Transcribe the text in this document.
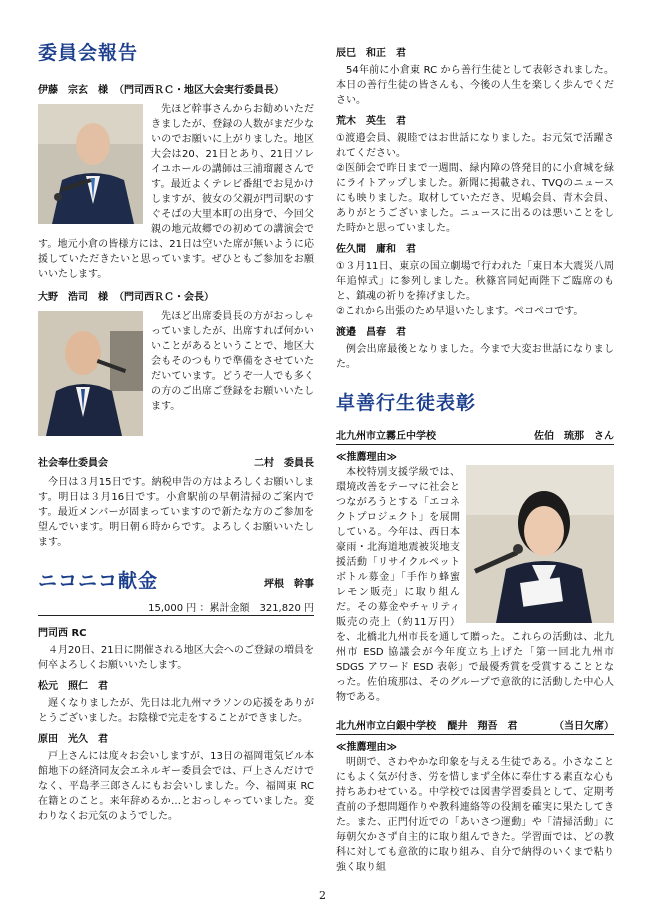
委員会報告
伊藤　宗玄　様 （門司西ＲＣ・地区大会実行委員長）

先ほど幹事さんからお勧めいただきましたが、登録の人数がまだ少ないのでお願いに上がりました。地区大会は20、21日とあり、21日ソレイユホールの講師は三浦瑠麗さんです。最近よくテレビ番組でお見かけしますが、彼女の父親が門司駅のすぐそばの大里本町の出身で、今回父親の地元故郷での初めての講演会です。地元小倉の皆様方には、21日は空いた席が無いように応援していただきたいと思っています。ぜひともご参加をお願いいたします。

大野　浩司　様 （門司西ＲＣ・会長）

先ほど出席委員長の方がおっしゃっていましたが、出席すれば何かいいことがあるということで、地区大会もそのつもりで準備をさせていただいています。どうぞ一人でも多くの方のご出席ご登録をお願いいたします。

社会奉仕委員会	二村　委員長

今日は３月15日です。納税申告の方はよろしくお願いします。明日は３月16日です。小倉駅前の早朝清掃のご案内です。最近メンバーが固まっていますので新たな方のご参加を望んでいます。明日朝６時からです。よろしくお願いいたします。

ニコニコ献金	坪根　幹事
15,000 円 ：累計金額　321,820 円
門司西 RC

４月20日、21日に開催される地区大会へのご登録の増員を何卒よろしくお願いいたします。

松元　照仁　君

遅くなりましたが、先日は北九州マラソンの応援をありがとうございました。お陰様で完走をすることができました。

原田　光久　君

戸上さんには度々お会いしますが、13日の福岡電気ビル本館地下の経済同友会エネルギー委員会では、戸上さんだけでなく、平島孝三郎さんにもお会いしました。今、福岡東 RC 在籍とのこと。来年辞めるか…とおっしゃっていました。変わりなくお元気のようでした。

辰巳　和正　君

54年前に小倉東 RC から善行生徒として表彰されました。本日の善行生徒の皆さんも、今後の人生を楽しく歩んでください。

荒木　英生　君

①渡邉会員、親睦ではお世話になりました。お元気で活躍されてください。

②医師会で昨日まで一週間、緑内障の啓発目的に小倉城を緑にライトアップしました。新聞に掲載され、TVQのニュースにも映りました。取材していただき、児嶋会員、青木会員、ありがとうございました。ニュースに出るのは悪いことをした時かと思っていました。

佐久間　庸和　君

①３月11日、東京の国立劇場で行われた「東日本大震災八周年追悼式」に参列しました。秋篠宮同妃両陛下ご臨席のもと、鎮魂の祈りを捧げました。

②これから出張のため早退いたします。ペコペコです。

渡邉　昌春　君

例会出席最後となりました。今まで大変お世話になりました。

卓善行生徒表彰
北九州市立霧丘中学校	佐伯　琉那　さん
≪推薦理由≫

本校特別支援学級では、環境改善をテーマに社会とつながろうとする「エコネクトプロジェクト」を展開している。今年は、西日本豪雨・北海道地震被災地支援活動「リサイクルペットボトル募金」「手作り蜂蜜レモン販売」に取り組んだ。その募金やチャリティ販売の売上（約11万円）を、北橋北九州市長を通して贈った。これらの活動は、北九州市 ESD 協議会が今年度立ち上げた「第一回北九州市 SDGS アワード ESD 表彰」で最優秀賞を受賞することとなった。佐伯琉那は、そのグループで意欲的に活動した中心人物である。

北九州市立白銀中学校 醍井　翔吾　君	（当日欠席）
≪推薦理由≫

明朗で、さわやかな印象を与える生徒である。小さなことにもよく気が付き、労を惜しまず全体に奉仕する素直な心も持ちあわせている。中学校では図書学習委員として、定期考査前の予想問題作りや教科連絡等の役割を確実に果たしてきた。また、正門付近での「あいさつ運動」や「清掃活動」に毎朝欠かさず自主的に取り組んできた。学習面では、どの教科に対しても意欲的に取り組み、自分で納得のいくまで粘り強く取り組

2
